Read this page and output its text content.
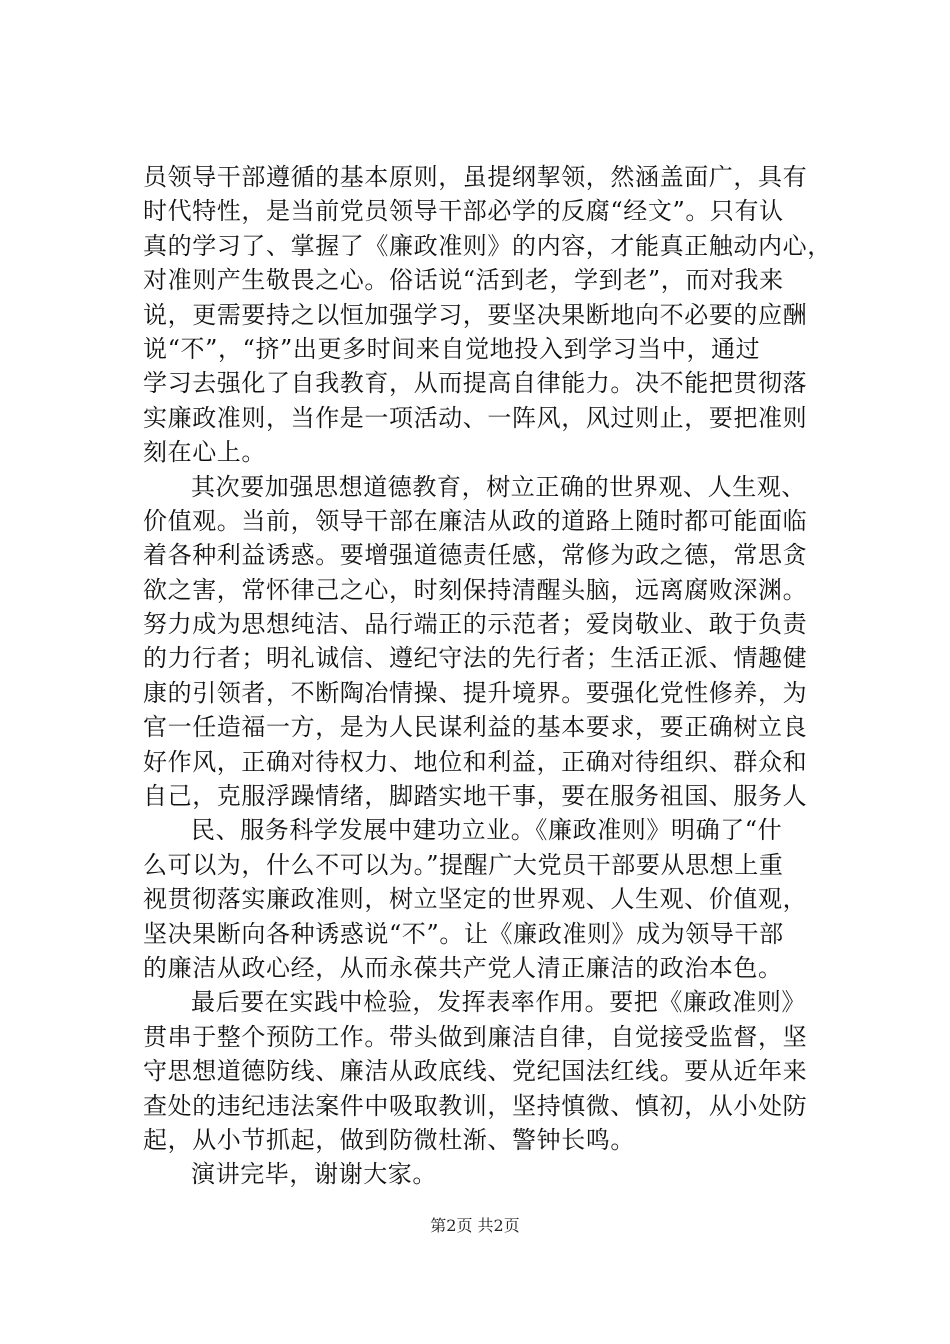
员领导干部遵循的基本原则，虽提纲挈领，然涵盖面广，具有
时代特性，是当前党员领导干部必学的反腐“经文”。只有认
真的学习了、掌握了《廉政准则》的内容，才能真正触动内心，
对准则产生敬畏之心。俗话说“活到老，学到老”，而对我来
说，更需要持之以恒加强学习，要坚决果断地向不必要的应酬
说“不”，“挤”出更多时间来自觉地投入到学习当中，通过
学习去强化了自我教育，从而提高自律能力。决不能把贯彻落
实廉政准则，当作是一项活动、一阵风，风过则止，要把准则
刻在心上。
其次要加强思想道德教育，树立正确的世界观、人生观、
价值观。当前，领导干部在廉洁从政的道路上随时都可能面临
着各种利益诱惑。要增强道德责任感，常修为政之德，常思贪
欲之害，常怀律己之心，时刻保持清醒头脑，远离腐败深渊。
努力成为思想纯洁、品行端正的示范者；爱岗敬业、敢于负责
的力行者；明礼诚信、遵纪守法的先行者；生活正派、情趣健
康的引领者，不断陶冶情操、提升境界。要强化党性修养，为
官一任造福一方，是为人民谋利益的基本要求，要正确树立良
好作风，正确对待权力、地位和利益，正确对待组织、群众和
自己，克服浮躁情绪，脚踏实地干事，要在服务祖国、服务人
民、服务科学发展中建功立业。《廉政准则》明确了“什
么可以为，什么不可以为。”提醒广大党员干部要从思想上重
视贯彻落实廉政准则，树立坚定的世界观、人生观、价值观，
坚决果断向各种诱惑说“不”。让《廉政准则》成为领导干部
的廉洁从政心经，从而永葆共产党人清正廉洁的政治本色。
最后要在实践中检验，发挥表率作用。要把《廉政准则》
贯串于整个预防工作。带头做到廉洁自律，自觉接受监督，坚
守思想道德防线、廉洁从政底线、党纪国法红线。要从近年来
查处的违纪违法案件中吸取教训，坚持慎微、慎初，从小处防
起，从小节抓起，做到防微杜渐、警钟长鸣。
演讲完毕，谢谢大家。
第2页 共2页
